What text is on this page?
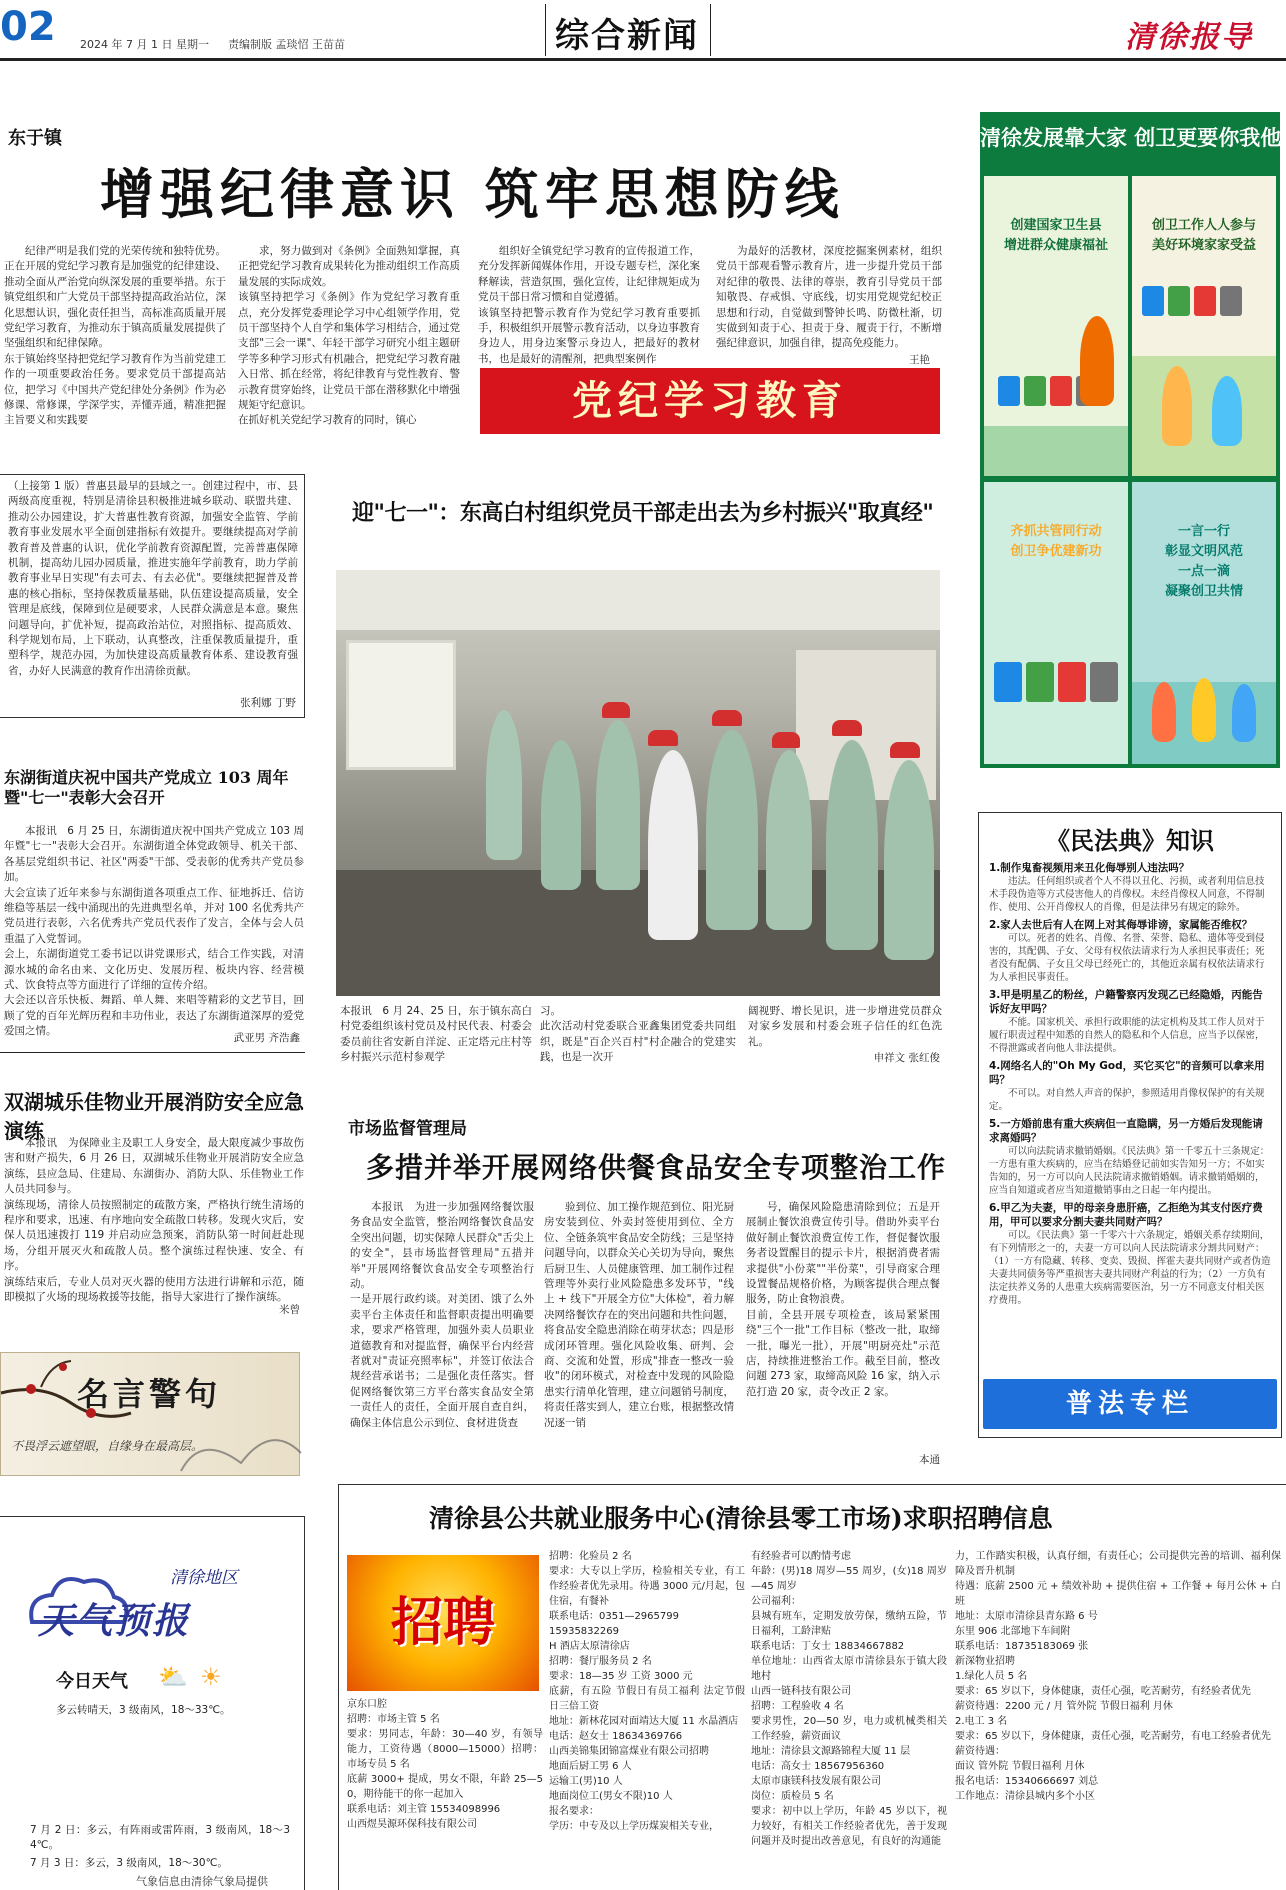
02 2024 年 7 月 1 日 星期一 责编制版 孟琰怊 王苗苗	综合新闻	清徐报导
东于镇
增强纪律意识 筑牢思想防线

纪律严明是我们党的光荣传统和独特优势。正在开展的党纪学习教育是加强党的纪律建设、推动全面从严治党向纵深发展的重要举措。东于镇党组织和广大党员干部坚持提高政治站位，深化思想认识，强化责任担当，高标准高质量开展党纪学习教育，为推动东于镇高质量发展提供了坚强组织和纪律保障。
东于镇始终坚持把党纪学习教育作为当前党建工作的一项重要政治任务。要求党员干部提高站位，把学习《中国共产党纪律处分条例》作为必修课、常修课，学深学实，弄懂弄通，精准把握主旨要义和实践要

求，努力做到对《条例》全面熟知掌握，真正把党纪学习教育成果转化为推动组织工作高质量发展的实际成效。
该镇坚持把学习《条例》作为党纪学习教育重点，充分发挥党委理论学习中心组领学作用，党员干部坚持个人自学和集体学习相结合，通过党支部"三会一课"、年轻干部学习研究小组主题研学等多种学习形式有机融合，把党纪学习教育融入日常、抓在经常，将纪律教育与党性教育、警示教育贯穿始终，让党员干部在潜移默化中增强规矩守纪意识。
在抓好机关党纪学习教育的同时，镇心

组织好全镇党纪学习教育的宣传报道工作，充分发挥新闻媒体作用，开设专题专栏，深化案释解读，营造氛围，强化宣传，让纪律规矩成为党员干部日常习惯和自觉遵循。
该镇坚持把警示教育作为党纪学习教育重要抓手，积极组织开展警示教育活动，以身边事教育身边人，用身边案警示身边人，把最好的教材书，也是最好的清醒剂，把典型案例作

为最好的活教材，深度挖掘案例素材，组织党员干部观看警示教育片，进一步提升党员干部对纪律的敬畏、法律的尊崇，教育引导党员干部知敬畏、存戒惧、守底线，切实用党规党纪校正思想和行动，自觉做到警钟长鸣、防微杜渐，切实做到知责于心、担责于身、履责于行，不断增强纪律意识，加强自律，提高免疫能力。

王艳
党纪学习教育
（上接第 1 版）普惠县最早的县域之一。创建过程中，市、县两级高度重视，特别是清徐县积极推进城乡联动、联盟共建、推动公办园建设，扩大普惠性教育资源，加强安全监管、学前教育事业发展水平全面创建指标有效提升。要继续提高对学前教育普及普惠的认识，优化学前教育资源配置，完善普惠保障机制，提高幼儿园办园质量，推进实施年学前教育，助力学前教育事业早日实现"有去可去、有去必优"。要继续把握普及普惠的核心指标，坚持保教质量基础，队伍建设提高质量，安全管理是底线，保障到位是硬要求，人民群众满意是本意。聚焦问题导向，扩优补短，提高政治站位，对照指标、提高质效、科学规划布局，上下联动，认真整改，注重保教质量提升，重塑科学，规范办园，为加快建设高质量教育体系、建设教育强省，办好人民满意的教育作出清徐贡献。
张利娜 丁野
东湖街道庆祝中国共产党成立 103 周年暨"七一"表彰大会召开

本报讯　6 月 25 日，东湖街道庆祝中国共产党成立 103 周年暨"七一"表彰大会召开。东湖街道全体党政领导、机关干部、各基层党组织书记、社区"两委"干部、受表彰的优秀共产党员参加。
大会宣读了近年来参与东湖街道各项重点工作、征地拆迁、信访维稳等基层一线中涌现出的先进典型名单，并对 100 名优秀共产党员进行表彰，六名优秀共产党员代表作了发言，全体与会人员重温了入党誓词。
会上，东湖街道党工委书记以讲党课形式，结合工作实践，对清源水城的命名由来、文化历史、发展历程、板块内容、经营模式、饮食特点等方面进行了详细的宣传介绍。
大会还以音乐快板、舞蹈、单人舞、来唱等精彩的文艺节目，回顾了党的百年光辉历程和丰功伟业，表达了东湖街道深厚的爱党爱国之情。

武亚男 齐浩鑫
双湖城乐佳物业开展消防安全应急演练

本报讯　为保障业主及职工人身安全，最大限度减少事故伤害和财产损失，6 月 26 日，双湖城乐佳物业开展消防安全应急演练，县应急局、住建局、东湖街办、消防大队、乐佳物业工作人员共同参与。
演练现场，清徐人员按照制定的疏散方案，严格执行统生清场的程序和要求，迅速、有序地向安全疏散口转移。发现火灾后，安保人员迅速拨打 119 并启动应急预案，消防队第一时间赶赴现场，分组开展灭火和疏散人员。整个演练过程快速、安全、有序。
演练结束后，专业人员对灭火器的使用方法进行讲解和示范，随即模拟了火场的现场救援等技能，指导大家进行了操作演练。

米曾
名言警句
不畏浮云遮望眼，自缘身在最高层。
清徐地区
天气预报
今日天气 ⛅ ☀
多云转晴天，3 级南风，18～33℃。
7 月 2 日：多云，有阵雨或雷阵雨，3 级南风，18～34℃。
7 月 3 日：多云，3 级南风，18～30℃。
气象信息由清徐气象局提供
迎"七一"：东高白村组织党员干部走出去为乡村振兴"取真经"
本报讯　6 月 24、25 日，东于镇东高白村党委组织该村党员及村民代表、村委会委员前往省安新自洋淀、正定塔元庄村等乡村振兴示范村参观学
习。
此次活动村党委联合亚鑫集团党委共同组织，既是"百企兴百村"村企融合的党建实践，也是一次开
阔视野、增长见识，进一步增进党员群众对家乡发展和村委会班子信任的红色洗礼。
申祥文 张红俊
市场监督管理局
多措并举开展网络供餐食品安全专项整治工作

本报讯　为进一步加强网络餐饮服务食品安全监管，整治网络餐饮食品安全突出问题，切实保障人民群众"舌尖上的安全"，县市场监督管理局"五措并举"开展网络餐饮食品安全专项整治行动。
一是开展行政约谈。对美团、饿了么外卖平台主体责任和监督职责提出明确要求，要求严格管理，加强外卖人员职业道德教育和对提监督，确保平台内经营者就对"责证亮照率标"，并签订依法合规经营承诺书；二是强化责任落实。督促网络餐饮第三方平台落实食品安全第一责任人的责任，全面开展自查自纠，确保主体信息公示到位、食材进货查

验到位、加工操作规范到位、阳光厨房安装到位、外卖封签使用到位、全方位、全链条筑牢食品安全防线；三是坚持问题导向，以群众关心关切为导向，聚焦后厨卫生、人员健康管理、加工制作过程管理等外卖行业风险隐患多发环节，"线上 + 线下"开展全方位"大体检"，着力解决网络餐饮存在的突出问题和共性问题，将食品安全隐患消除在萌芽状态；四是形成闭环管理。强化风险收集、研判、会商、交流和处置，形成"排查一整改一验收"的闭环模式，对检查中发现的风险隐患实行清单化管理，建立问题销号制度，将责任落实到人，建立台账，根据整改情况逐一销

号，确保风险隐患清除到位；五是开展制止餐饮浪费宣传引导。借助外卖平台做好制止餐饮浪费宣传工作，督促餐饮服务者设置醒目的提示卡片，根据消费者需求提供"小份菜""半份菜"，引导商家合理设置餐品规格价格，为顾客提供合理点餐服务，防止食物浪费。
目前，全县开展专项检查，该局紧紧围绕"三个一批"工作目标（整改一批，取缔一批，曝光一批），开展"明厨亮灶"示范店，持续推进整治工作。截至目前，整改问题 273 家，取缔高风险 16 家，纳入示范打造 20 家，责令改正 2 家。

本通
清徐发展靠大家 创卫更要你我他
创建国家卫生县
增进群众健康福祉
创卫工作人人参与
美好环境家家受益
齐抓共管同行动
创卫争优建新功
一言一行
彰显文明风范
一点一滴
凝聚创卫共情
《民法典》知识
1.制作鬼畜视频用来丑化侮辱别人违法吗？
违法。任何组织或者个人不得以丑化、污损，或者利用信息技术手段伪造等方式侵害他人的肖像权。未经肖像权人同意，不得制作、使用、公开肖像权人的肖像，但是法律另有规定的除外。
2.家人去世后有人在网上对其侮辱诽谤，家属能否维权？
可以。死者的姓名、肖像、名誉、荣誉、隐私、遗体等受到侵害的，其配偶、子女、父母有权依法请求行为人承担民事责任；死者没有配偶、子女且父母已经死亡的，其他近亲属有权依法请求行为人承担民事责任。
3.甲是明星乙的粉丝，户籍警察丙发现乙已经隐婚，丙能告诉好友甲吗？
不能。国家机关、承担行政职能的法定机构及其工作人员对于履行职责过程中知悉的自然人的隐私和个人信息，应当予以保密，不得泄露或者向他人非法提供。
4.网络名人的"Oh My God，买它买它"的音频可以拿来用吗？
不可以。对自然人声音的保护，参照适用肖像权保护的有关规定。
5.一方婚前患有重大疾病但一直隐瞒，另一方婚后发现能请求离婚吗？
可以向法院请求撤销婚姻。《民法典》第一千零五十三条规定：一方患有重大疾病的，应当在结婚登记前如实告知另一方；不如实告知的，另一方可以向人民法院请求撤销婚姻。请求撤销婚姻的，应当自知道或者应当知道撤销事由之日起一年内提出。
6.甲乙为夫妻，甲的母亲身患肝癌，乙拒绝为其支付医疗费用，甲可以要求分割夫妻共同财产吗？
可以。《民法典》第一千零六十六条规定，婚姻关系存续期间，有下列情形之一的，夫妻一方可以向人民法院请求分割共同财产：（1）一方有隐藏、转移、变卖、毁损、挥霍夫妻共同财产或者伪造夫妻共同债务等严重损害夫妻共同财产利益的行为；（2）一方负有法定扶养义务的人患重大疾病需要医治，另一方不同意支付相关医疗费用。
普法专栏
清徐县公共就业服务中心(清徐县零工市场)求职招聘信息
招聘
京东口腔
招聘：市场主管 5 名
要求：男同志，年龄：30—40 岁，有领导能力，工资待遇（8000—15000）招聘：市场专员 5 名
底薪 3000+ 提成，男女不限，年龄 25—50，期待能干的你一起加入
联系电话：刘主管 15534098996
山西煜昊源环保科技有限公司
招聘：化验员 2 名
要求：大专以上学历，检验相关专业，有工作经验者优先录用。待遇 3000 元/月起，包住宿，有餐补
联系电话：0351—2965799
15935832269
H 酒店太原清徐店
招聘：餐厅服务员 2 名
要求：18—35 岁 工资 3000 元
底薪，有五险 节假日有员工福利 法定节假日三倍工资
地址：新林花园对面靖达大厦 11 水晶酒店
电话：赵女士 18634369766
山西美锦集团锦富煤业有限公司招聘
地面后厨工男 6 人
运输工(男)10 人
地面岗位工(男女不限)10 人
报名要求：
学历：中专及以上学历煤炭相关专业，
有经验者可以酌情考虑
年龄：(男)18 周岁—55 周岁，(女)18 周岁—45 周岁
公司福利：
县城有班车，定期发放劳保，缴纳五险，节日福利，工龄津贴
联系电话：丁女士 18834667882
单位地址：山西省太原市清徐县东于镇大段地村
山西一链科技有限公司
招聘：工程验收 4 名
要求男性，20—50 岁，电力或机械类相关工作经验，薪资面议
地址：清徐县文源路锦程大厦 11 层
电话：高女士 18567956360
太原市康镁科技发展有限公司
岗位：质检员 5 名
要求：初中以上学历，年龄 45 岁以下，视力较好，有相关工作经验者优先，善于发现问题并及时提出改善意见，有良好的沟通能
力，工作踏实积极，认真仔细，有责任心；公司提供完善的培训、福利保障及晋升机制
待遇：底薪 2500 元 + 绩效补助 + 提供住宿 + 工作餐 + 每月公休 + 白班
地址：太原市清徐县青东路 6 号
东里 906 北部地下车间附
联系电话：18735183069 张
新深物业招聘
1.绿化人员 5 名
要求：65 岁以下，身体健康，责任心强，吃苦耐劳，有经验者优先
薪资待遇：2200 元 / 月 管外院 节假日福利 月休
2.电工 3 名
要求：65 岁以下，身体健康，责任心强，吃苦耐劳，有电工经验者优先
薪资待遇：
面议 管外院 节假日福利 月休
报名电话：15340666697 刘总
工作地点：清徐县城内多个小区
